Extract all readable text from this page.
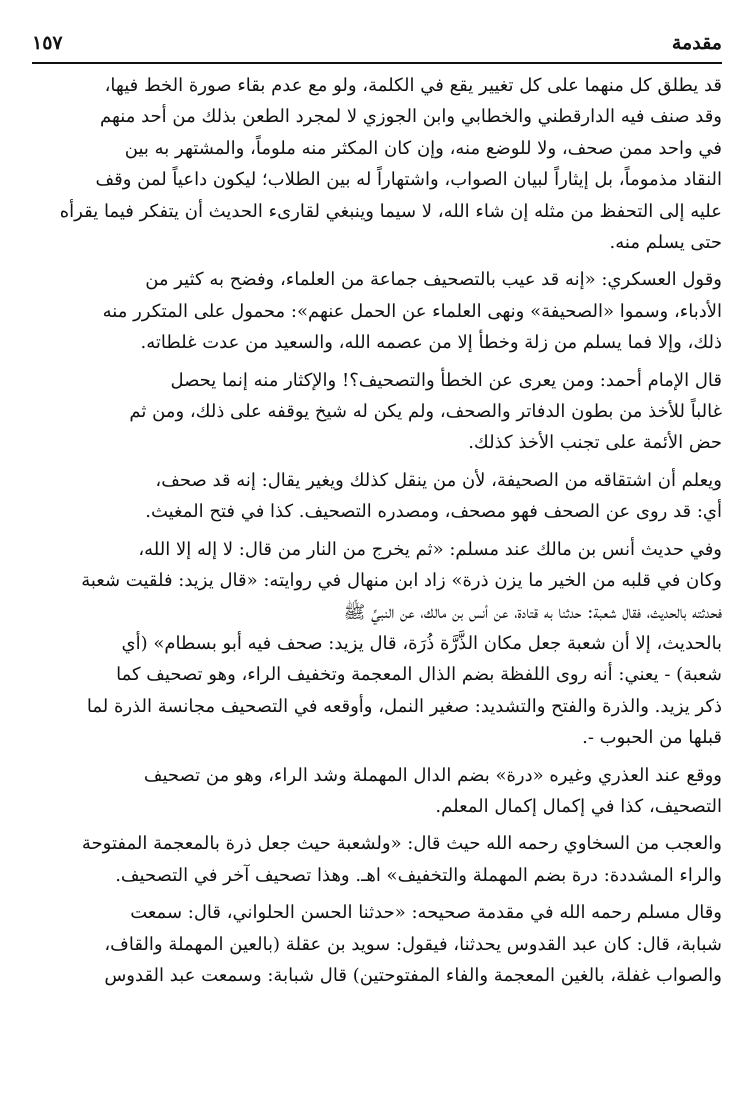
مقدمة
١٥٧
قد يطلق كل منهما على كل تغيير يقع في الكلمة، ولو مع عدم بقاء صورة الخط فيها،
وقد صنف فيه الدارقطني والخطابي وابن الجوزي لا لمجرد الطعن بذلك من أحد منهم
في واحد ممن صحف، ولا للوضع منه، وإن كان المكثر منه ملوماً، والمشتهر به بين
النقاد مذموماً، بل إيثاراً لبيان الصواب، واشتهاراً له بين الطلاب؛ ليكون داعياً لمن وقف
عليه إلى التحفظ من مثله إن شاء الله، لا سيما وينبغي لقارىء الحديث أن يتفكر فيما يقرأه
حتى يسلم منه.
وقول العسكري: «إنه قد عيب بالتصحيف جماعة من العلماء، وفضح به كثير من
الأدباء، وسموا «الصحيفة» ونهى العلماء عن الحمل عنهم»: محمول على المتكرر منه
ذلك، وإلا فما يسلم من زلة وخطأ إلا من عصمه الله، والسعيد من عدت غلطاته.
قال الإمام أحمد: ومن يعرى عن الخطأ والتصحيف؟! والإكثار منه إنما يحصل
غالباً للأخذ من بطون الدفاتر والصحف، ولم يكن له شيخ يوقفه على ذلك، ومن ثم
حض الأئمة على تجنب الأخذ كذلك.
ويعلم أن اشتقاقه من الصحيفة، لأن من ينقل كذلك ويغير يقال: إنه قد صحف،
أي: قد روى عن الصحف فهو مصحف، ومصدره التصحيف. كذا في فتح المغيث.
وفي حديث أنس بن مالك عند مسلم: «ثم يخرج من النار من قال: لا إله إلا الله،
وكان في قلبه من الخير ما يزن ذرة» زاد ابن منهال في روايته: «قال يزيد: فلقيت شعبة
فحدثته بالحديث، فقال شعبة: حدثنا به قتادة، عن أنس بن مالك، عن النبيِّ ﷺ
بالحديث، إلا أن شعبة جعل مكان الذَّرَّة ذُرَة، قال يزيد: صحف فيه أبو بسطام» (أي
شعبة) - يعني: أنه روى اللفظة بضم الذال المعجمة وتخفيف الراء، وهو تصحيف كما
ذكر يزيد. والذرة والفتح والتشديد: صغير النمل، وأوقعه في التصحيف مجانسة الذرة لما
قبلها من الحبوب -.
ووقع عند العذري وغيره «درة» بضم الدال المهملة وشد الراء، وهو من تصحيف
التصحيف، كذا في إكمال إكمال المعلم.
والعجب من السخاوي رحمه الله حيث قال: «ولشعبة حيث جعل ذرة بالمعجمة المفتوحة
والراء المشددة: درة بضم المهملة والتخفيف» اهـ. وهذا تصحيف آخر في التصحيف.
وقال مسلم رحمه الله في مقدمة صحيحه: «حدثنا الحسن الحلواني، قال: سمعت
شبابة، قال: كان عبد القدوس يحدثنا، فيقول: سويد بن عقلة (بالعين المهملة والقاف،
والصواب غفلة، بالغين المعجمة والفاء المفتوحتين) قال شبابة: وسمعت عبد القدوس
